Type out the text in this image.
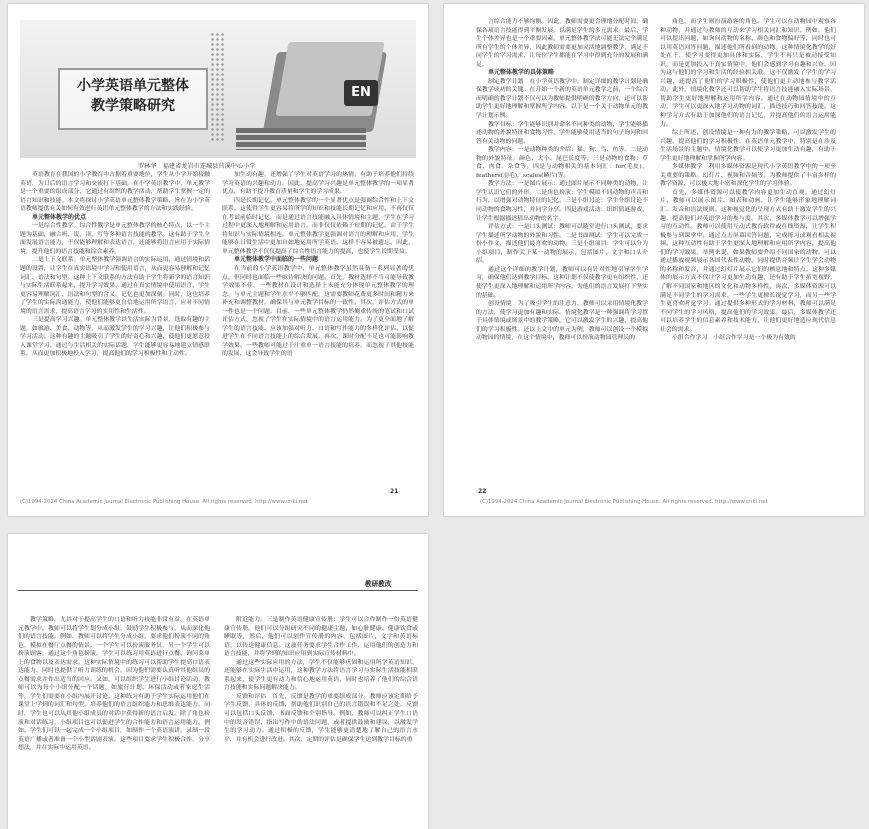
EN
小学英语单元整体
教学策略研究
罗林华　福建省龙岩市连城县莒溪中心小学

英语教育在我国的小学教育中占据着重要地位，学生从小学开始接触英语，为日后的语言学习和交流打下基础。在小学英语教学中，单元教学是一个重要的组成部分，它通过有组织的教学活动，帮助学生掌握一定的语言知识和技能。本文将探讨小学英语单元整体教学策略，旨在为小学英语教师提供有关如何有效进行英语单元整体教学的方法和实践经验。

单元整体教学的优点

一是综合性教学。综合性教学是单元整体教学的核心特点，以一个主题为基础，融合听、说、读、写等多种语言技能的教学。这有助于学生全面发展语言能力，不仅能够理解和表达语言，还能够将语言应用于实际情境，提升他们的语言技能和综合素养。

二是上下文联系。单元整体教学强调语言的实际运用，通过情境和话题的设置，让学生在真实语境中学习和使用语言，从而更容易理解和记忆词汇、语法和句型。这种上下文联系的方法有助于学生将新学的语言知识与实际生活联系起来，提升学习效果。通过在真实情境中使用语言，学生更容易理解词汇、语法和句型的含义，记忆也更加深刻。同时，这也培养了学生的实际沟通能力，使他们能够更自信地运用所学语言，应对不同情境的语言需求，提高语言学习的实用性和生活性。

三是提高学习兴趣。单元整体教学以生活实际为背景，选取有趣的主题，如旅游、美食、动物等，从而激发学生的学习兴趣，让他们积极参与学习活动。这种有趣的主题吸引了学生的好奇心和兴趣，使他们更愿意投入课堂学习。通过与生活相关的实际话题，学生能够更容易地建立情感联系，从而更加积极地投入学习，提高他们的学习积极性和主动性。

加生动有趣，还增强了学生对英语学习的热情，有助于培养他们持续学习英语的兴趣和动力。因此，提高学习兴趣是单元整体教学的一项显著优点，有助于提升教育质量和学生的学习成果。

四是长期记忆。单元整体教学的一个显著优点是强调综合性和上下文联系，这使得学生更容易将所学的知识和技能长期记忆和应用。不再仅仅在考试前临时记忆，而是通过语言技能融入具体情境和主题，学生在学习过程中更深入地理解和运用语言，而非仅仅依赖于短期的记忆。由于学生将知识与实际情境相连，单元整体教学更强调对语言的理解和应用，学生能够在日常生活中更加自如地运用所学英语，这样不容易被遗忘。因此，单元整体教学不仅仅提高了综合性语言能力的提高，也使学生长期受益。

单元整体教学中面临的一些问题

在当前的小学英语教学中，单元整体教学虽然具备一系列显著的优点，但同时也面临一些亟待解决的问题。首先，教材选择不当可能导致教学效果不佳，一些教材在设计和选择上未能充分体现单元整体教学的理念，与单元主题和学生水平不够匹配，这需要教师花费更多时间和精力来补充和调整教材，确保其与单元教学目标的一致性。其次，评估方式的单一性也是一个问题。目前，一些单元整体教学仍然侧重传统的笔试和口试评估方式，忽视了学生在实际情境中的语言运用能力。为了更全面地了解学生的语言技能，应该加强对听力、口语和写作能力的多样化评估，以促进学生在不同语言技能上的综合发展。再次，课时分配不足也可能影响教学效果。一些教师可能过于注重单一语言技能的培养，而忽视了其他技能的发展，这会导致学生的语

21
(C)1994-2024 China Academic Journal Electronic Publishing House. All rights reserved. http://www.cnki.net

言综合能力不够均衡。因此，教师需要更合理地分配时间，确保各项语言技能得到平衡发展，以满足学生的多元需求。最后，学生个体差异也是一个重要因素。单元整体教学法可能无法完全满足所有学生的个体差异，因此教师需要更加灵活地调整教学，满足不同学生的学习需求，让每位学生都能在学习中得到充分的发展和满足。

单元整体教学的具体策略

制定教学计划　在小学英语教学中，制定详细的教学计划是确保教学成功的关键。在开始一个新的英语单元教学之前，一个综合而明确的教学计划不仅可以为教师提供明确的教学方向，还可以帮助学生更好地理解和掌握所学内容。以下是一个关于动物单元的教学计划示例。

教学目标：学生能够识别并命名不同种类的动物，学生能够描述动物的外貌特征和食物习性，学生能够使用适当的句子询问和回答有关动物的问题。

教学内容：一是动物种类的介绍：猫、狗、鸟、鱼等。二是动物的外貌特征：颜色、大小、尾巴长度等。三是动物的食物：草食、肉食、杂食等。四是与动物相关的基本词汇：fur(毛皮)，feathers(羽毛)，scales(鳞片)等。

教学方法：一是图片展示：通过图片展示不同种类的动物，让学生认识它们的外形。二是角色扮演：学生模拟不同动物的声音和行为，以增强对动物特征的记忆。三是小组讨论：学生分组讨论不同动物的食物习性，并同学分享。四是游戏活动：组织猜谜游戏，让学生根据描述猜出动物的名字。

评估方式：一是口头测试：教师可以随堂进行口头测试，要求学生描述所学动物的外貌和习性。二是书面测试：学生可以完成一份小作文，描述他们最喜欢的动物。三是小组项目：学生可以分为小组项目，制作关于某一动物的展示，包括图片、文字和口头介绍。

通过这个详细的教学计划，教师可以有针对性地引导学生学习，确保他们达到教学目标。这种计划不仅使教学更有组织性，还使学生更深入地理解和运用所学内容，为他们的语言发展打下坚实的基础。

创设情境　为了吸引学生的注意力，教师可以采用情境化教学的方法，使学习更加有趣和实际。情境化教学是一种强调将学习置于具体情境或场景中的教学策略，它可以激发学生的兴趣，提高他们的学习积极性。还以上文中的单元为例，教师可以创设一个模拟动物园的情境，在这个情境中，教师可以扮演动物园管理员的

角色，而学生则扮演游客的角色。学生可以在动物园中观察各种动物，并通过与教师的互动来学习相关词汇和知识。例如，他们可以提出问题，如询问动物的名称、颜色和食物偏好等，同时也可以用英语回答问题，描述他们所看到的动物。这种情境化教学的好处在于，使学习变得更加具体和实际，学生不再只是被动接受知识，而是更加投入于真实情境中，他们会感到学习有趣和兴奋，因为这与他们的学习和生活的经验相关联。这不仅激发了学生的学习兴趣，还提高了他们的学习积极性，使他们更主动地参与教学活动。此外，情境化教学还可以帮助学生将语言技能融入实际场景，帮助学生更好地理解和运用所学内容。通过在动物园情境中的互动，学生可以更深入地学习动物的词汇，描述技巧和回答技能。这种学习方式有助于加深他们的语言记忆，并提高他们的语言运用能力。

综上所述，创设情境是一种有力的教学策略，可以激发学生的兴趣，提高他们的学习积极性。在英语单元教学中，特别是在涉及生活场景的主题中，情境化教学可以使学习更加生动有趣，有助于学生更好地理解和掌握所学内容。

多媒体教学　利用多媒体资源是现代小学英语教学中的一项至关重要的策略。幻灯片、视频和音频等，为教师提供了丰富多样的教学资源，可以极大地丰富和深化学生的学习体验。

首先，多媒体资源可以使教学内容更加生动直观。通过幻灯片，教师可以展示图片、图表和动画，让学生能够形象地理解词汇、发音和语法规则。这种视觉化的呈现方式有助于激发学生的兴趣，提高他们对英语学习的参与度。其次，多媒体教学可以增强学习的互动性。教师可以使用互动式教育软件或在线资源，让学生积极参与到课堂中，通过点击屏幕回答问题，完成练习或观看相关视频。这种互动性有助于学生更深入地理解和应用所学内容，提高他们的学习效果。举例来说，如果教师要介绍不同国家的动物，可以通过播放视频展示各国代表性动物，同时提供音频让学生学会动物的名称和发音，并通过幻灯片展示它们的栖息地和特点。这种多媒体的展示方式不仅让学习更加生动有趣，还有助于学生拓宽视野，了解不同国家和地区的文化和动物多样性。再次，多媒体资源可以满足不同学生的学习需求。一些学生更擅长视觉学习，而另一些学生更喜欢听觉学习。通过提供多种形式的学习材料，教师可以满足不同学生的学习风格，提高他们的学习效果。最后，多媒体教学还可以培养学生的信息素养和技术能力，让他们更好地适应现代信息社会的需求。

小组合作学习　小组合作学习是一个极为有效的

22
(C)1994-2024 China Academic Journal Electronic Publishing House. All rights reserved. http://www.cnki.net
教研教改

教学策略，尤其对于提高学生的口语和听力技能非常有益。在英语单元教学中，教师可以将学生划分成小组，鼓励学生积极参与，从而深化他们的语言技能。例如，教师可以将学生分成小组，要求他们扮演不同的角色，模拟在餐厅点餐的情景。一个学生可以扮演服务员，另一个学生可以扮演顾客，通过这个角色扮演，学生可以练习用英语进行点餐、询问菜单上的食物以及表达需求。这种实际情境中的练习可以帮助学生提高口语表达能力，同时也提供了听力训练的机会，因为他们需要认真听其他组员的点餐需求并作出适当的回应。又如，可以组织学生进行小组讨论活动，教师可以为每个小组分配一个话题，如旅行计划、环保活动或者家庭生活等，学生们需要在小组内展开讨论。这种练习有助于学生实际运用他们在课堂上学到的词汇和句型，培养他们的语言组织能力和思维表达能力。同时，学生也可以从其他小组成员的对话中获得新的语言启发。除了角色扮演和对话练习，小组项目也可以促进学生的合作能力和语言运用能力。例如，学生们可以一起完成一个小组项目，如制作一个英语演讲、录制一段英语广播或者准备一个小型话剧表演。这些项目要求学生积极合作，分享想法，并在实际中运用英语。

附近能力。三是制作英语健康宣传册：学生可以合作制作一份英语健康宣传册。他们可以分组研究不同的健康主题，如心脏健康、健康饮食或睡眠等，然后，他们可以创作宣传册的内容，包括图片、文字和英语标语，以传达健康信息。这项任务要求学生合作工作，运用他们的创造力和语言技能，并将学到的知识应用到实际宣传材料中。

通过这些实际应用的方法，学生不仅能够巩固和运用所学英语知识，还能够在实际生活中运用，这种教学方法将语言学习与实际生活技能相联系起来，使学生更有动力和信心地运用英语，同时也培养了他们的综合语言技能和实际问题解决能力。

反馈和评估　首先，反馈是教学的重要组成部分。教师应该定期给予学生反馈，具体的反馈，帮助他们识别自己的语言错误和不足之处。反馈可以包括口头反馈、书面反馈和个别指导。例如，教师可以纠正学生口语中的发音错误、指出写作中的语法问题，或者提供鼓励和建议，以激发学生的学习动力。通过积极的反馈，学生能够更清楚地了解自己的语言水平，并有机会进行改进。其次，定期的评估是确保学生达到教学目标的重
